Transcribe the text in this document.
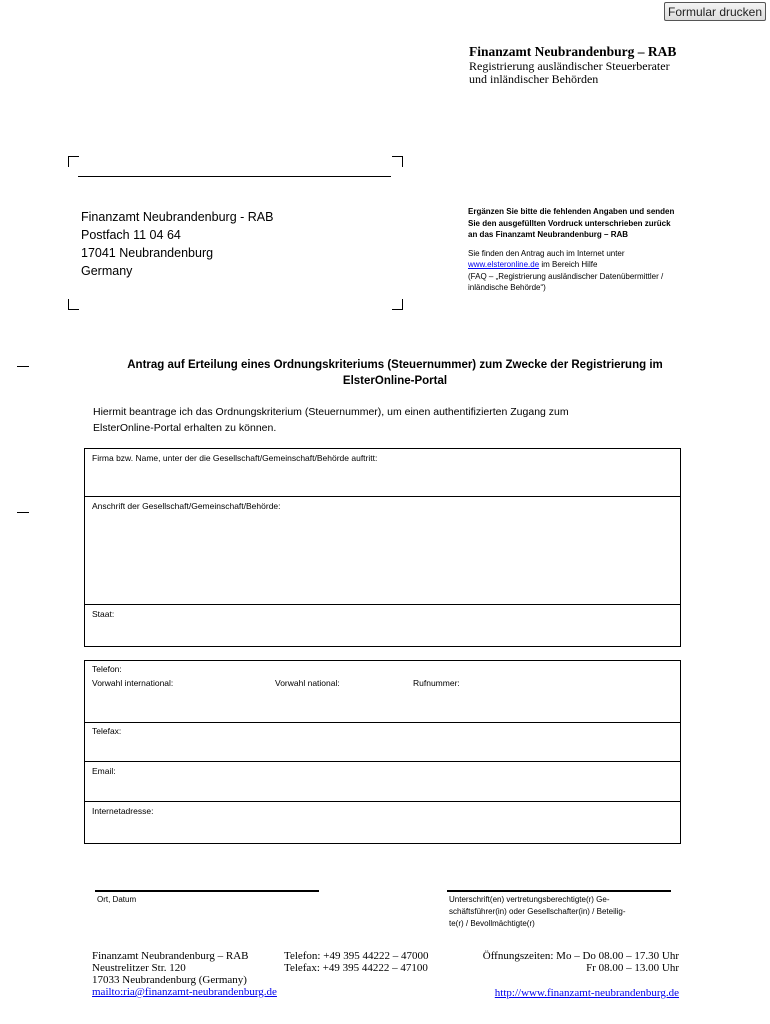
Formular drucken
Finanzamt Neubrandenburg – RAB
Registrierung ausländischer Steuerberater
und inländischer Behörden
Finanzamt Neubrandenburg - RAB
Postfach 11 04 64
17041 Neubrandenburg
Germany
Ergänzen Sie bitte die fehlenden Angaben und senden
Sie den ausgefüllten Vordruck unterschrieben zurück
an das Finanzamt Neubrandenburg – RAB
Sie finden den Antrag auch im Internet unter
www.elsteronline.de im Bereich Hilfe
(FAQ – „Registrierung ausländischer Datenübermittler /
inländische Behörde“)
Antrag auf Erteilung eines Ordnungskriteriums (Steuernummer) zum Zwecke der Registrierung im
ElsterOnline-Portal
Hiermit beantrage ich das Ordnungskriterium (Steuernummer), um einen authentifizierten Zugang zum
ElsterOnline-Portal erhalten zu können.
Firma bzw. Name, unter der die Gesellschaft/Gemeinschaft/Behörde auftritt:
Anschrift der Gesellschaft/Gemeinschaft/Behörde:
Staat:
Telefon:
Vorwahl international:	Vorwahl national:	Rufnummer:
Telefax:
Email:
Internetadresse:
Ort, Datum	Unterschrift(en) vertretungsberechtigte(r) Ge-
schäftsführer(in) oder Gesellschafter(in) / Beteilig-
te(r) / Bevollmächtigte(r)
Finanzamt Neubrandenburg – RAB
Neustrelitzer Str. 120
17033 Neubrandenburg (Germany)
mailto:ria@finanzamt-neubrandenburg.de
Telefon: +49 395 44222 – 47000
Telefax: +49 395 44222 – 47100
Öffnungszeiten: Mo – Do 08.00 – 17.30 Uhr
Fr 08.00 – 13.00 Uhr
http://www.finanzamt-neubrandenburg.de
